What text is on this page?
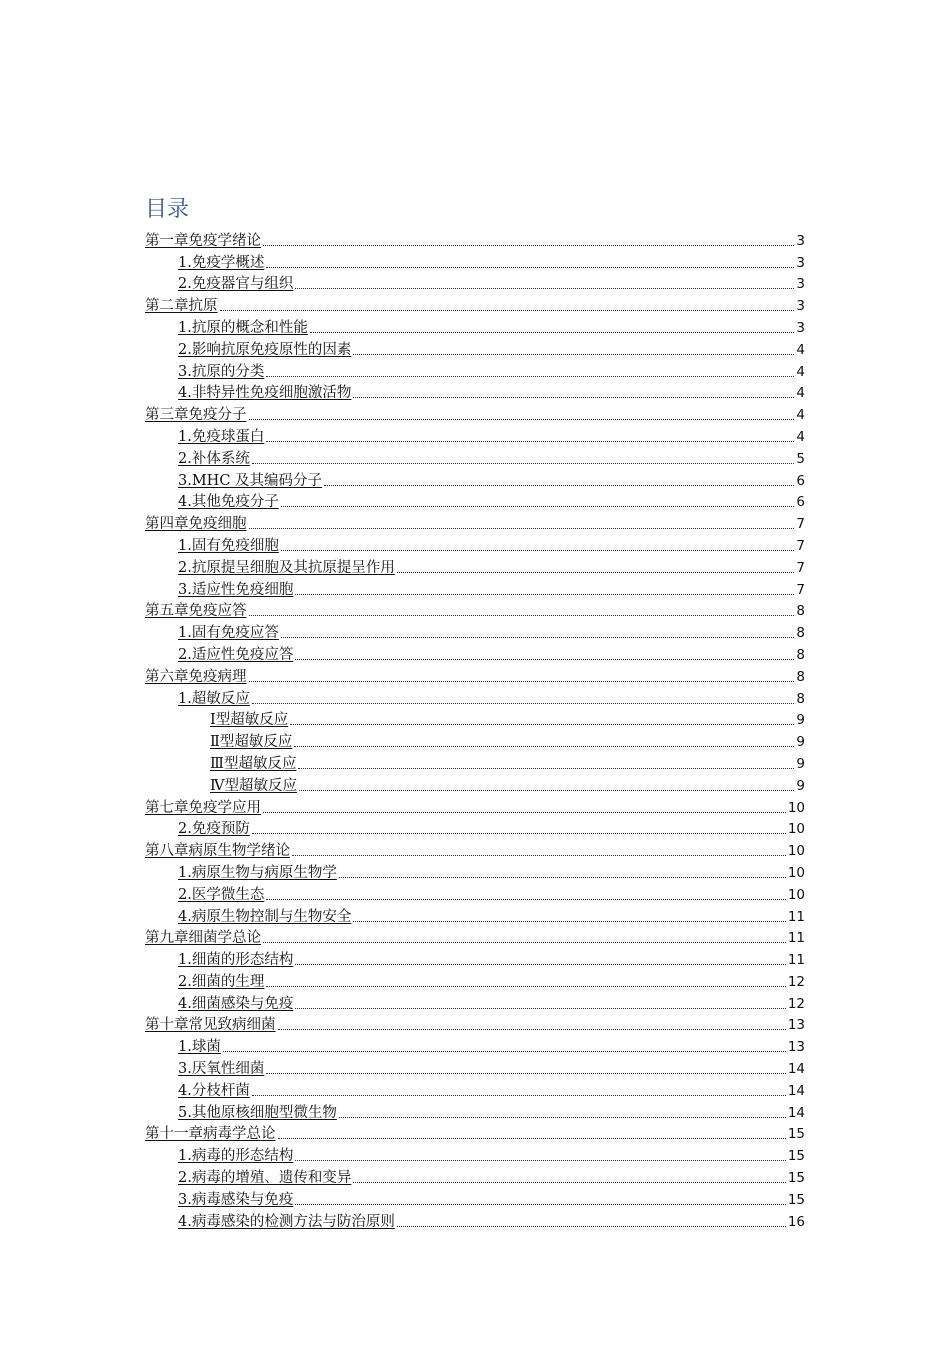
目录
第一章免疫学绪论	3
1.免疫学概述	3
2.免疫器官与组织	3
第二章抗原	3
1.抗原的概念和性能	3
2.影响抗原免疫原性的因素	4
3.抗原的分类	4
4.非特异性免疫细胞激活物	4
第三章免疫分子	4
1.免疫球蛋白	4
2.补体系统	5
3.MHC 及其编码分子	6
4.其他免疫分子	6
第四章免疫细胞	7
1.固有免疫细胞	7
2.抗原提呈细胞及其抗原提呈作用	7
3.适应性免疫细胞	7
第五章免疫应答	8
1.固有免疫应答	8
2.适应性免疫应答	8
第六章免疫病理	8
1.超敏反应	8
Ⅰ型超敏反应	9
Ⅱ型超敏反应	9
Ⅲ型超敏反应	9
Ⅳ型超敏反应	9
第七章免疫学应用	10
2.免疫预防	10
第八章病原生物学绪论	10
1.病原生物与病原生物学	10
2.医学微生态	10
4.病原生物控制与生物安全	11
第九章细菌学总论	11
1.细菌的形态结构	11
2.细菌的生理	12
4.细菌感染与免疫	12
第十章常见致病细菌	13
1.球菌	13
3.厌氧性细菌	14
4.分枝杆菌	14
5.其他原核细胞型微生物	14
第十一章病毒学总论	15
1.病毒的形态结构	15
2.病毒的增殖、遗传和变异	15
3.病毒感染与免疫	15
4.病毒感染的检测方法与防治原则	16
